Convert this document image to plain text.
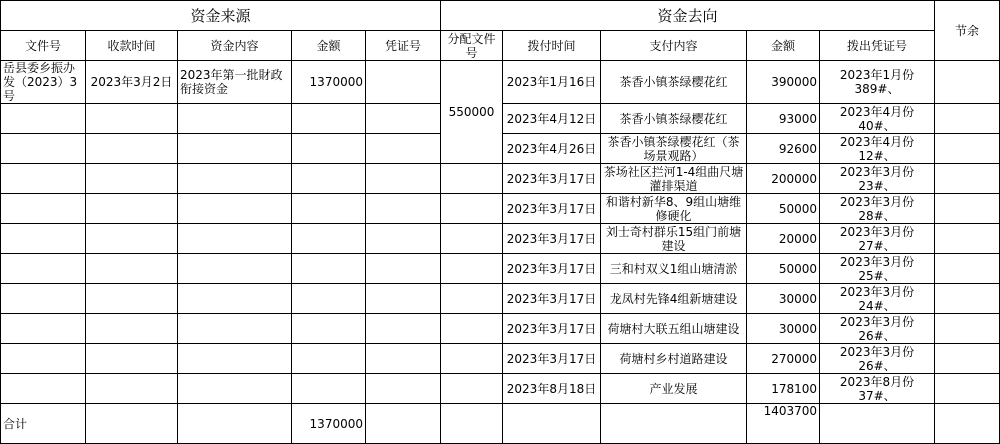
资金来源					资金去向					节余
文件号	收款时间	资金内容	金额	凭证号	分配文件号	拨付时间	支付内容	金额	拨出凭证号	
岳县委乡振办发（2023）3号	2023年3月2日	2023年第一批財政衔接资金	1370000		550000	2023年1月16日	茶香小镇茶绿樱花红	390000	2023年1月份389#、	
						2023年4月12日	茶香小镇茶绿樱花红	93000	2023年4月份40#、	
						2023年4月26日	茶香小镇茶绿樱花红（茶场景观路）	92600	2023年4月份12#、	
						2023年3月17日	茶场社区拦河1-4组曲尺塘灌排渠道	200000	2023年3月份23#、	
						2023年3月17日	和谐村新华8、9组山塘维修硬化	50000	2023年3月份28#、	
						2023年3月17日	刘士奇村群乐15组门前塘建设	20000	2023年3月份27#、	
						2023年3月17日	三和村双义1组山塘清淤	50000	2023年3月份25#、	
						2023年3月17日	龙凤村先锋4组新塘建设	30000	2023年3月份24#、	
						2023年3月17日	荷塘村大联五组山塘建设	30000	2023年3月份26#、	
						2023年3月17日	荷塘村乡村道路建设	270000	2023年3月份26#、	
						2023年8月18日	产业发展	178100	2023年8月份37#、	
合计			1370000					1403700		
